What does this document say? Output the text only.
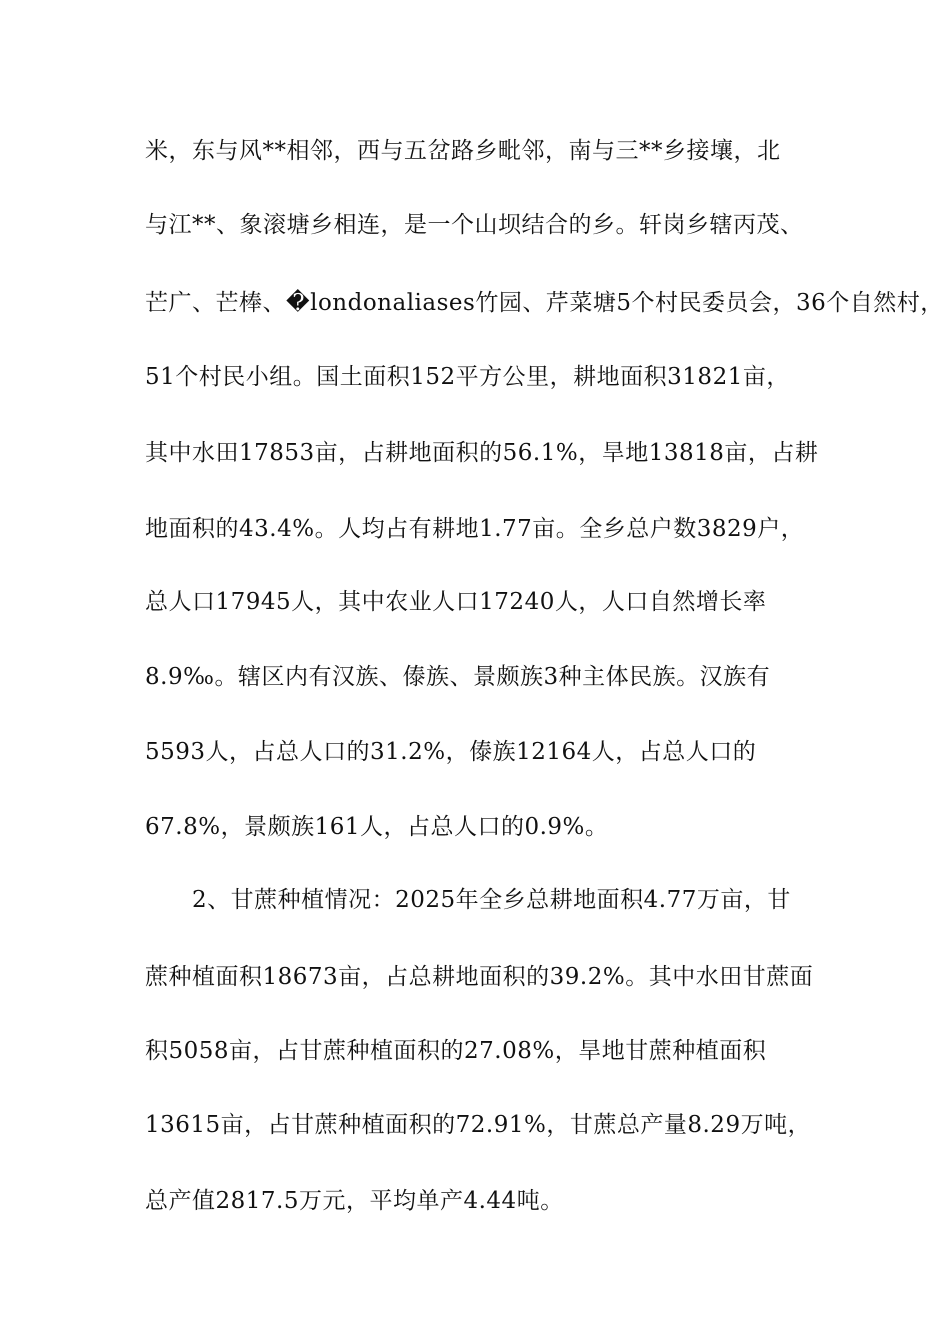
米，东与风**相邻，西与五岔路乡毗邻，南与三**乡接壤，北
与江**、象滚塘乡相连，是一个山坝结合的乡。轩岗乡辖丙茂、
芒广、芒棒、�londonaliases竹园、芹菜塘5个村民委员会，36个自然村，
51个村民小组。国土面积152平方公里，耕地面积31821亩，
其中水田17853亩，占耕地面积的56.1%，旱地13818亩，占耕
地面积的43.4%。人均占有耕地1.77亩。全乡总户数3829户，
总人口17945人，其中农业人口17240人，人口自然增长率
8.9‰。辖区内有汉族、傣族、景颇族3种主体民族。汉族有
5593人，占总人口的31.2%，傣族12164人，占总人口的
67.8%，景颇族161人，占总人口的0.9%。
2、甘蔗种植情况：2025年全乡总耕地面积4.77万亩，甘
蔗种植面积18673亩，占总耕地面积的39.2%。其中水田甘蔗面
积5058亩，占甘蔗种植面积的27.08%，旱地甘蔗种植面积
13615亩，占甘蔗种植面积的72.91%，甘蔗总产量8.29万吨，
总产值2817.5万元，平均单产4.44吨。
